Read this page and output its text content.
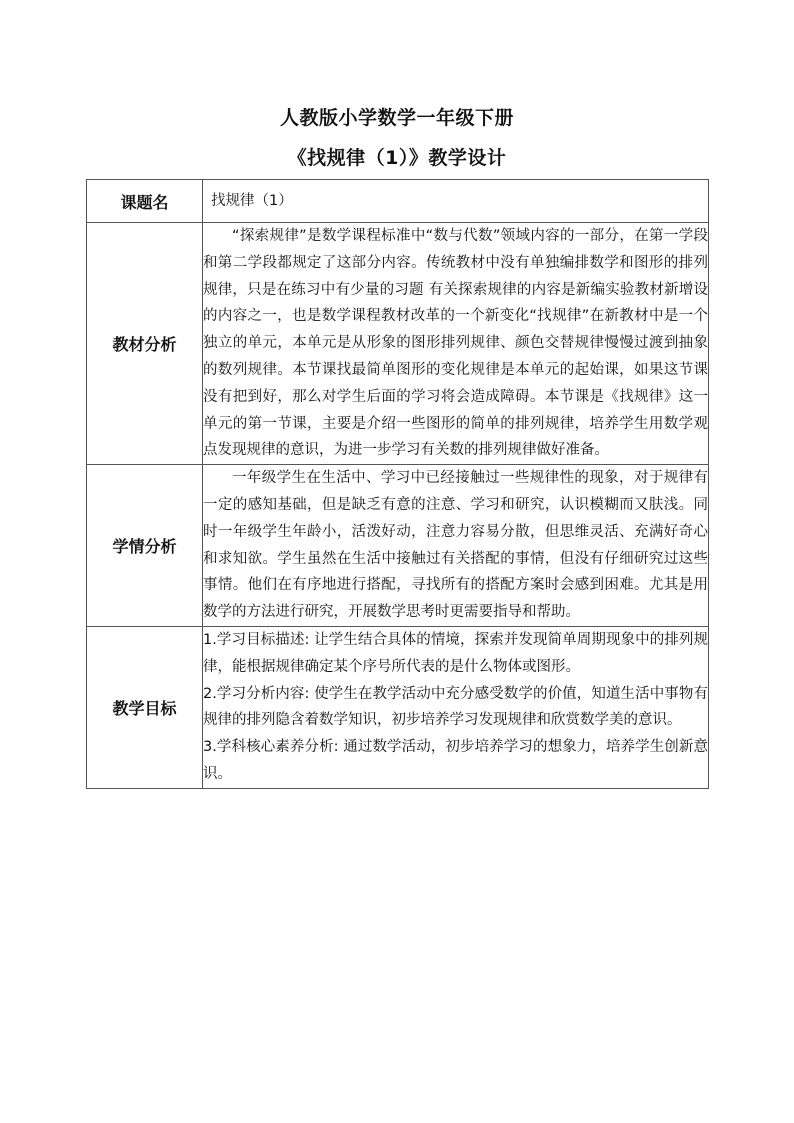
人教版小学数学一年级下册
《找规律（1）》教学设计
课题名	找规律（1）
教材分析	“探索规律”是数学课程标准中“数与代数”领域内容的一部分，在第一学段和第二学段都规定了这部分内容。传统教材中没有单独编排数学和图形的排列规律，只是在练习中有少量的习题 有关探索规律的内容是新编实验教材新增设的内容之一，也是数学课程教材改革的一个新变化“找规律”在新教材中是一个独立的单元，本单元是从形象的图形排列规律、颜色交替规律慢慢过渡到抽象的数列规律。本节课找最简单图形的变化规律是本单元的起始课，如果这节课没有把到好，那么对学生后面的学习将会造成障碍。本节课是《找规律》这一单元的第一节课，主要是介绍一些图形的简单的排列规律，培养学生用数学观点发现规律的意识，为进一步学习有关数的排列规律做好准备。

学情分析	一年级学生在生活中、学习中已经接触过一些规律性的现象，对于规律有一定的感知基础，但是缺乏有意的注意、学习和研究，认识模糊而又肤浅。同时一年级学生年龄小，活泼好动，注意力容易分散，但思维灵活、充满好奇心和求知欲。学生虽然在生活中接触过有关搭配的事情，但没有仔细研究过这些事情。他们在有序地进行搭配，寻找所有的搭配方案时会感到困难。尤其是用数学的方法进行研究，开展数学思考时更需要指导和帮助。

教学目标	1.学习目标描述: 让学生结合具体的情境，探索并发现简单周期现象中的排列规律，能根据规律确定某个序号所代表的是什么物体或图形。
2.学习分析内容: 使学生在教学活动中充分感受数学的价值，知道生活中事物有规律的排列隐含着数学知识，初步培养学习发现规律和欣赏数学美的意识。
3.学科核心素养分析: 通过数学活动，初步培养学习的想象力，培养学生创新意识。
